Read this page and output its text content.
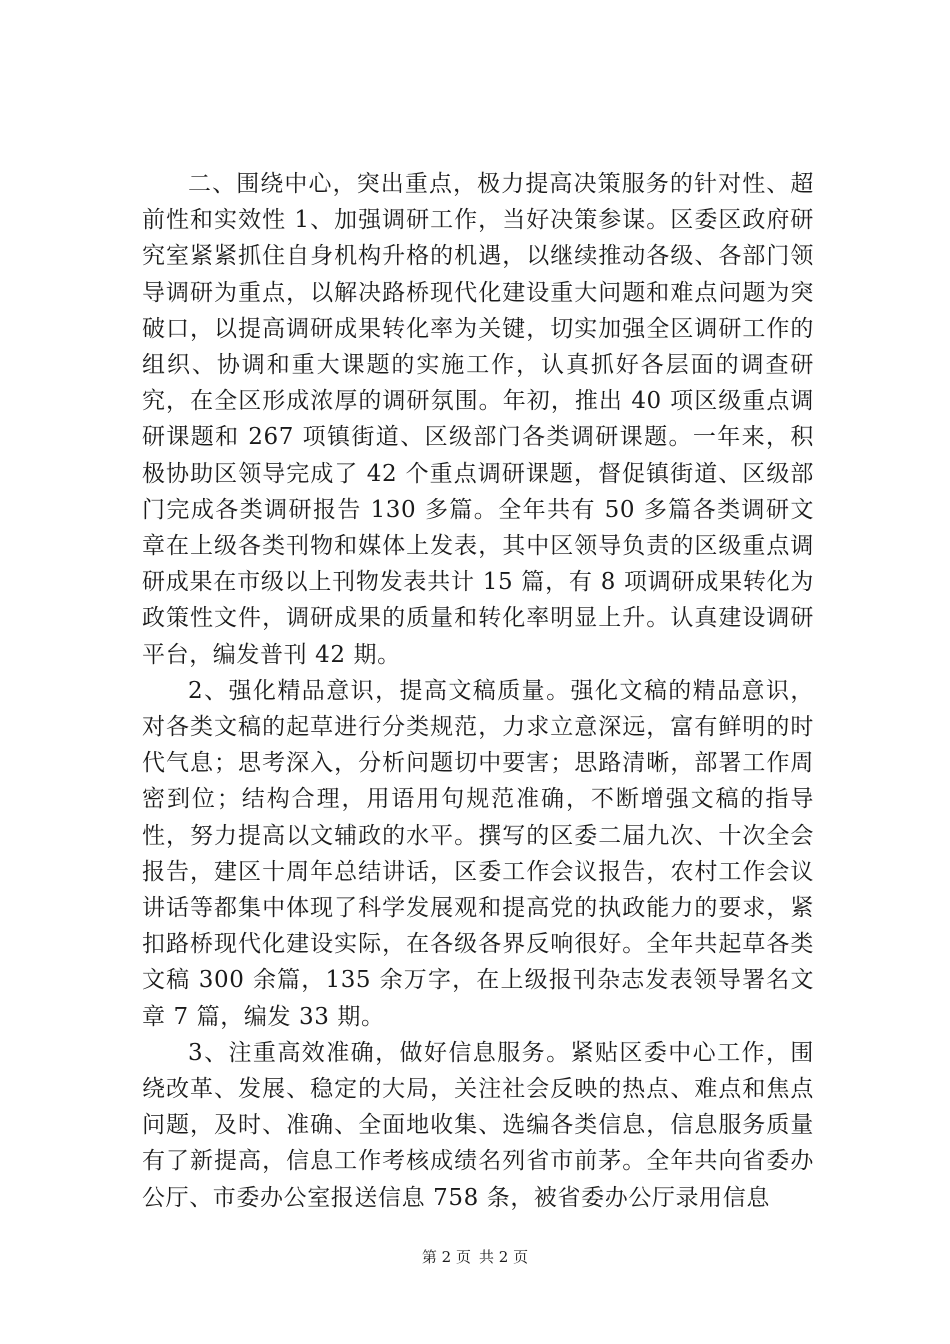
二、围绕中心，突出重点，极力提高决策服务的针对性、超前性和实效性 1、加强调研工作，当好决策参谋。区委区政府研究室紧紧抓住自身机构升格的机遇，以继续推动各级、各部门领导调研为重点，以解决路桥现代化建设重大问题和难点问题为突破口，以提高调研成果转化率为关键，切实加强全区调研工作的组织、协调和重大课题的实施工作，认真抓好各层面的调查研究，在全区形成浓厚的调研氛围。年初，推出 40 项区级重点调研课题和 267 项镇街道、区级部门各类调研课题。一年来，积极协助区领导完成了 42 个重点调研课题，督促镇街道、区级部门完成各类调研报告 130 多篇。全年共有 50 多篇各类调研文章在上级各类刊物和媒体上发表，其中区领导负责的区级重点调研成果在市级以上刊物发表共计 15 篇，有 8 项调研成果转化为政策性文件，调研成果的质量和转化率明显上升。认真建设调研平台，编发普刊 42 期。

2、强化精品意识，提高文稿质量。强化文稿的精品意识，对各类文稿的起草进行分类规范，力求立意深远，富有鲜明的时代气息；思考深入，分析问题切中要害；思路清晰，部署工作周密到位；结构合理，用语用句规范准确，不断增强文稿的指导性，努力提高以文辅政的水平。撰写的区委二届九次、十次全会报告，建区十周年总结讲话，区委工作会议报告，农村工作会议讲话等都集中体现了科学发展观和提高党的执政能力的要求，紧扣路桥现代化建设实际，在各级各界反响很好。全年共起草各类文稿 300 余篇，135 余万字，在上级报刊杂志发表领导署名文章 7 篇，编发 33 期。

3、注重高效准确，做好信息服务。紧贴区委中心工作，围绕改革、发展、稳定的大局，关注社会反映的热点、难点和焦点问题，及时、准确、全面地收集、选编各类信息，信息服务质量有了新提高，信息工作考核成绩名列省市前茅。全年共向省委办公厅、市委办公室报送信息 758 条，被省委办公厅录用信息

第 2 页 共 2 页
